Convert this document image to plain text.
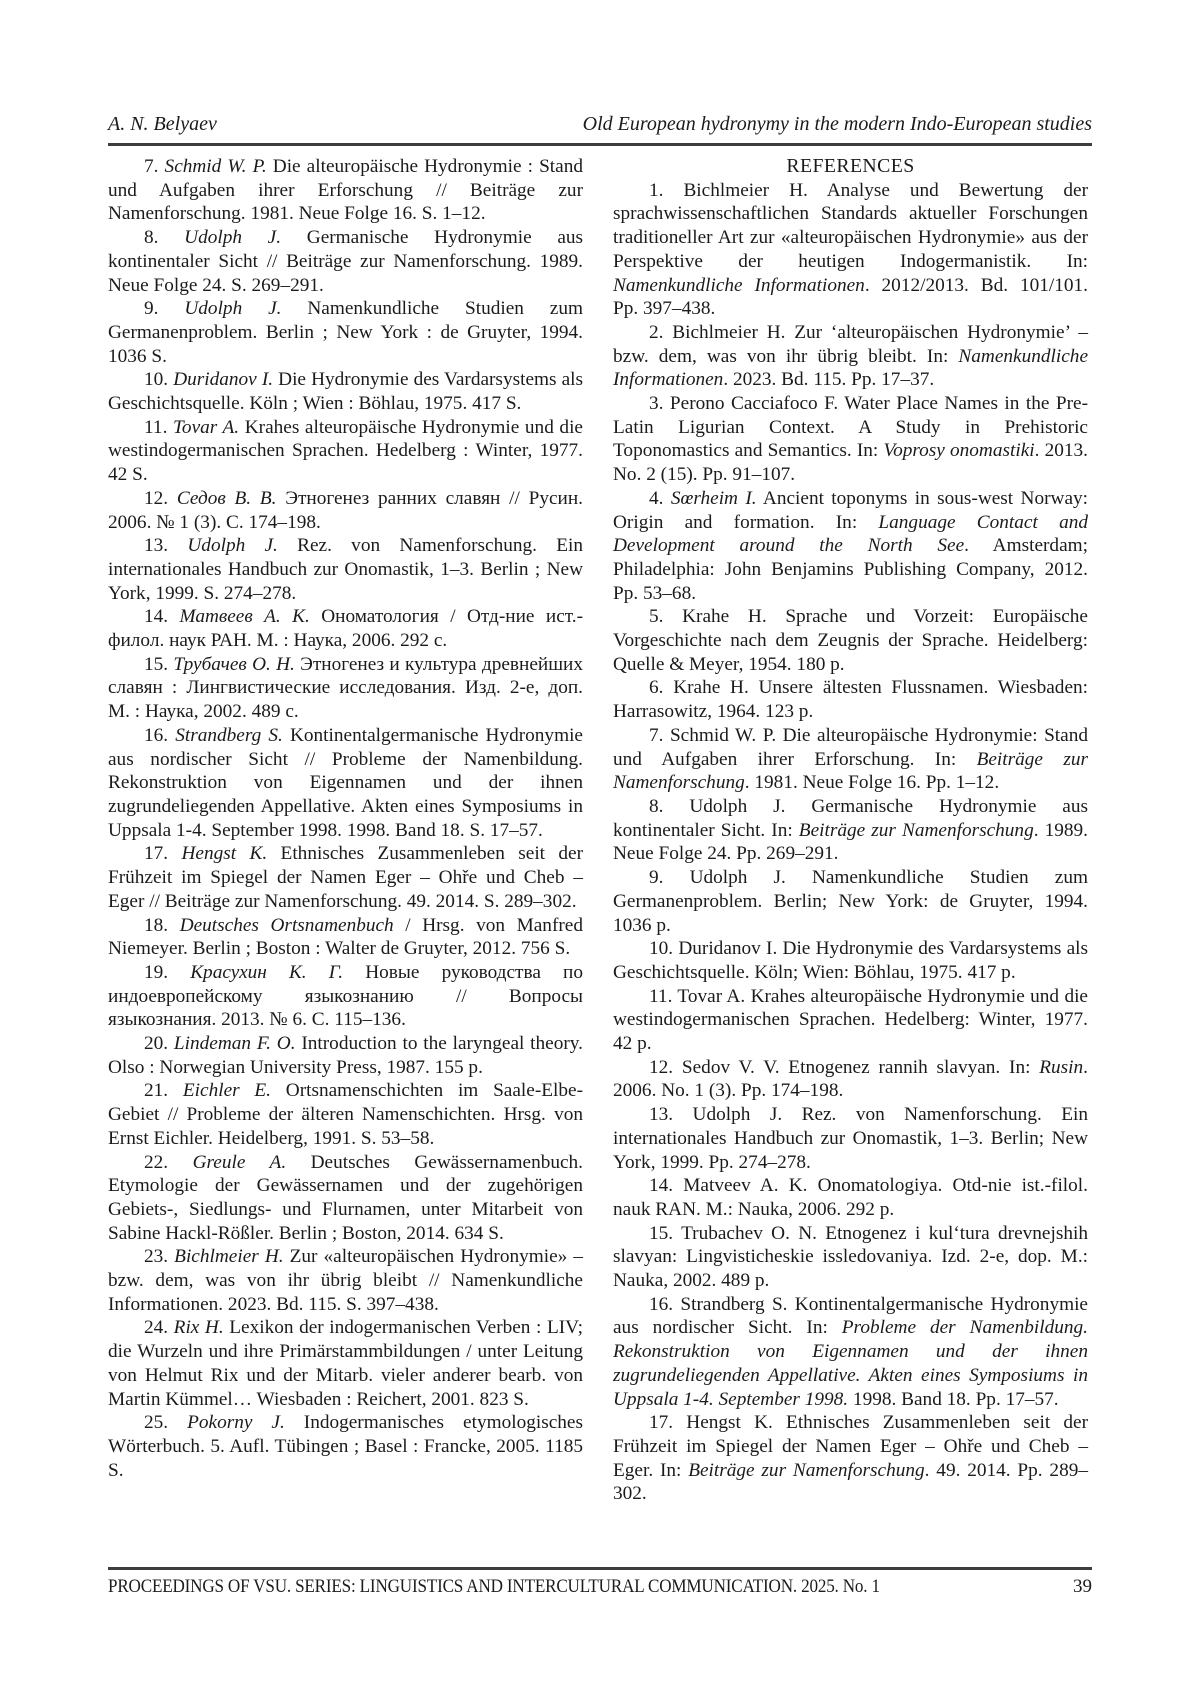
A. N. Belyaev	Old European hydronymy in the modern Indo-European studies

7. Schmid W. P. Die alteuropäische Hydronymie : Stand und Aufgaben ihrer Erforschung // Beiträge zur Namenforschung. 1981. Neue Folge 16. S. 1–12.

8. Udolph J. Germanische Hydronymie aus kontinentaler Sicht // Beiträge zur Namenforschung. 1989. Neue Folge 24. S. 269–291.

9. Udolph J. Namenkundliche Studien zum Germanenproblem. Berlin ; New York : de Gruyter, 1994. 1036 S.

10. Duridanov I. Die Hydronymie des Vardarsystems als Geschichtsquelle. Köln ; Wien : Böhlau, 1975. 417 S.

11. Tovar A. Krahes alteuropäische Hydronymie und die westindogermanischen Sprachen. Hedelberg : Winter, 1977. 42 S.

12. Седов В. В. Этногенез ранних славян // Русин. 2006. № 1 (3). С. 174–198.

13. Udolph J. Rez. von Namenforschung. Ein internationales Handbuch zur Onomastik, 1–3. Berlin ; New York, 1999. S. 274–278.

14. Матвеев А. К. Ономатология / Отд-ние ист.-филол. наук РАН. М. : Наука, 2006. 292 с.

15. Трубачев О. Н. Этногенез и культура древнейших славян : Лингвистические исследования. Изд. 2-е, доп. М. : Наука, 2002. 489 с.

16. Strandberg S. Kontinentalgermanische Hydronymie aus nordischer Sicht // Probleme der Namenbildung. Rekonstruktion von Eigennamen und der ihnen zugrundeliegenden Appellative. Akten eines Symposiums in Uppsala 1-4. September 1998. 1998. Band 18. S. 17–57.

17. Hengst K. Ethnisches Zusammenleben seit der Frühzeit im Spiegel der Namen Eger – Ohře und Cheb – Eger // Beiträge zur Namenforschung. 49. 2014. S. 289–302.

18. Deutsches Ortsnamenbuch / Hrsg. von Manfred Niemeyer. Berlin ; Boston : Walter de Gruyter, 2012. 756 S.

19. Красухин К. Г. Новые руководства по индоевропейскому языкознанию // Вопросы языкознания. 2013. № 6. С. 115–136.

20. Lindeman F. O. Introduction to the laryngeal theory. Olso : Norwegian University Press, 1987. 155 p.

21. Eichler E. Ortsnamenschichten im Saale-Elbe-Gebiet // Probleme der älteren Namenschichten. Hrsg. von Ernst Eichler. Heidelberg, 1991. S. 53–58.

22. Greule A. Deutsches Gewässernamenbuch. Etymologie der Gewässernamen und der zugehörigen Gebiets-, Siedlungs- und Flurnamen, unter Mitarbeit von Sabine Hackl-Rößler. Berlin ; Boston, 2014. 634 S.

23. Bichlmeier H. Zur «alteuropäischen Hydronymie» – bzw. dem, was von ihr übrig bleibt // Namenkundliche Informationen. 2023. Bd. 115. S. 397–438.

24. Rix H. Lexikon der indogermanischen Verben : LIV; die Wurzeln und ihre Primärstammbildungen / unter Leitung von Helmut Rix und der Mitarb. vieler anderer bearb. von Martin Kümmel… Wiesbaden : Reichert, 2001. 823 S.

25. Pokorny J. Indogermanisches etymologisches Wörterbuch. 5. Aufl. Tübingen ; Basel : Francke, 2005. 1185 S.

REFERENCES

1. Bichlmeier H. Analyse und Bewertung der sprachwissenschaftlichen Standards aktueller Forschungen traditioneller Art zur «alteuropäischen Hydronymie» aus der Perspektive der heutigen Indogermanistik. In: Namenkundliche Informationen. 2012/2013. Bd. 101/101. Pp. 397–438.

2. Bichlmeier H. Zur ‘alteuropäischen Hydronymie’ – bzw. dem, was von ihr übrig bleibt. In: Namenkundliche Informationen. 2023. Bd. 115. Pp. 17–37.

3. Perono Cacciafoco F. Water Place Names in the Pre-Latin Ligurian Context. A Study in Prehistoric Toponomastics and Semantics. In: Voprosy onomastiki. 2013. No. 2 (15). Pp. 91–107.

4. Sœrheim I. Ancient toponyms in sous-west Norway: Origin and formation. In: Language Contact and Development around the North See. Amsterdam; Philadelphia: John Benjamins Publishing Company, 2012. Pp. 53–68.

5. Krahe H. Sprache und Vorzeit: Europäische Vorgeschichte nach dem Zeugnis der Sprache. Heidelberg: Quelle & Meyer, 1954. 180 p.

6. Krahe H. Unsere ältesten Flussnamen. Wiesbaden: Harrasowitz, 1964. 123 p.

7. Schmid W. P. Die alteuropäische Hydronymie: Stand und Aufgaben ihrer Erforschung. In: Beiträge zur Namenforschung. 1981. Neue Folge 16. Pp. 1–12.

8. Udolph J. Germanische Hydronymie aus kontinentaler Sicht. In: Beiträge zur Namenforschung. 1989. Neue Folge 24. Pp. 269–291.

9. Udolph J. Namenkundliche Studien zum Germanenproblem. Berlin; New York: de Gruyter, 1994. 1036 p.

10. Duridanov I. Die Hydronymie des Vardarsystems als Geschichtsquelle. Köln; Wien: Böhlau, 1975. 417 p.

11. Tovar A. Krahes alteuropäische Hydronymie und die westindogermanischen Sprachen. Hedelberg: Winter, 1977. 42 p.

12. Sedov V. V. Etnogenez rannih slavyan. In: Rusin. 2006. No. 1 (3). Pp. 174–198.

13. Udolph J. Rez. von Namenforschung. Ein internationales Handbuch zur Onomastik, 1–3. Berlin; New York, 1999. Pp. 274–278.

14. Matveev A. K. Onomatologiya. Otd-nie ist.-filol. nauk RAN. M.: Nauka, 2006. 292 p.

15. Trubachev O. N. Etnogenez i kul‘tura drevnejshih slavyan: Lingvisticheskie issledovaniya. Izd. 2-e, dop. M.: Nauka, 2002. 489 p.

16. Strandberg S. Kontinentalgermanische Hydronymie aus nordischer Sicht. In: Probleme der Namenbildung. Rekonstruktion von Eigennamen und der ihnen zugrundeliegenden Appellative. Akten eines Symposiums in Uppsala 1-4. September 1998. 1998. Band 18. Pp. 17–57.

17. Hengst K. Ethnisches Zusammenleben seit der Frühzeit im Spiegel der Namen Eger – Ohře und Cheb – Eger. In: Beiträge zur Namenforschung. 49. 2014. Pp. 289–302.

PROCEEDINGS OF VSU. SERIES: LINGUISTICS AND INTERCULTURAL COMMUNICATION. 2025. No. 1	39
